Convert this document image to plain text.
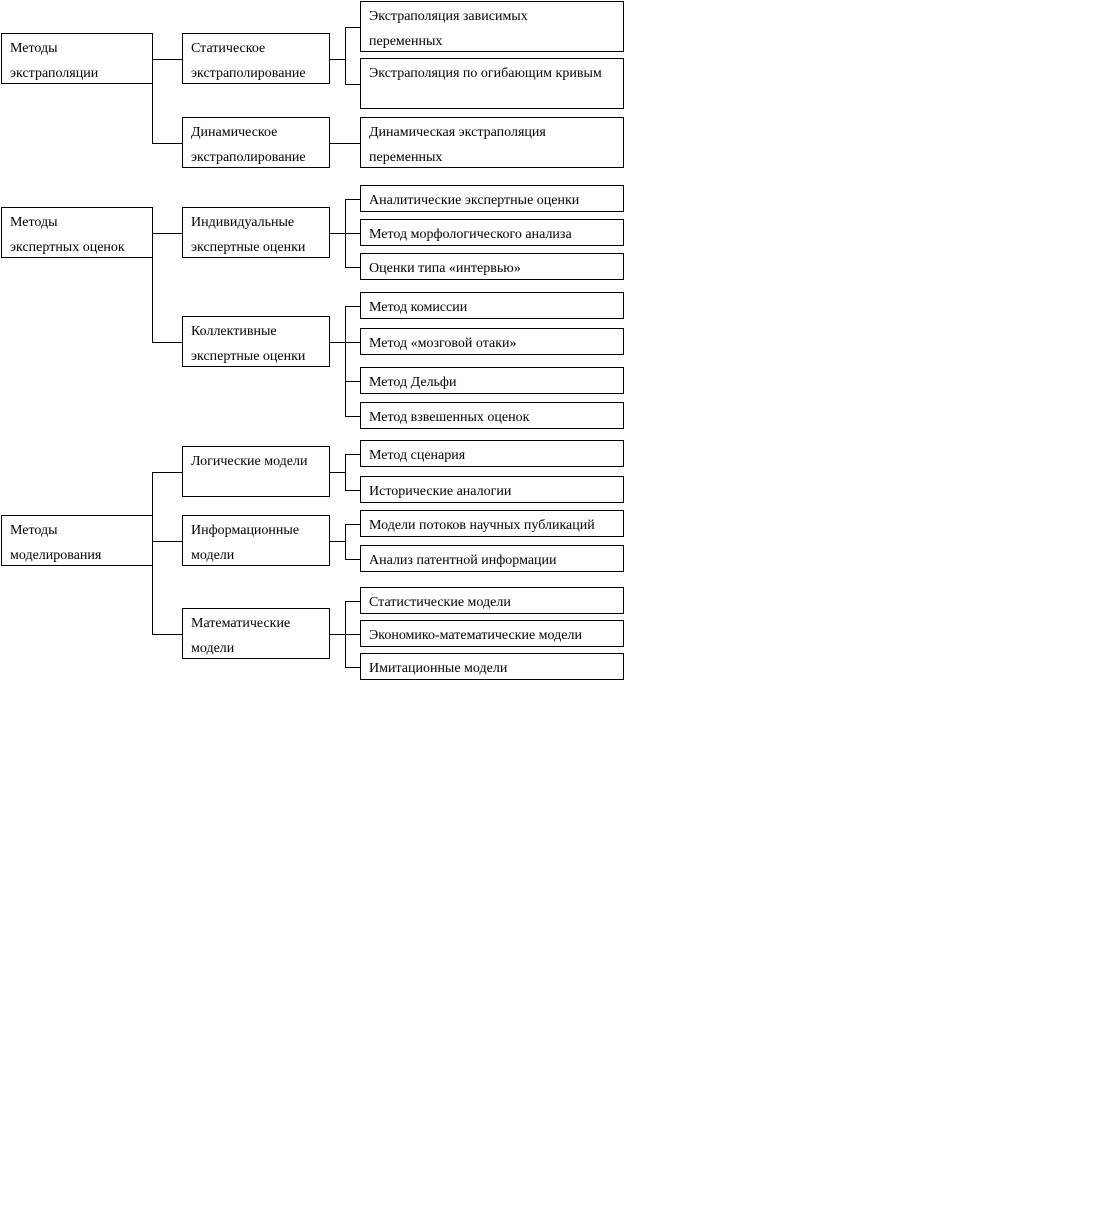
Методы
экстраполяции
Статическое
экстраполирование
Экстраполяция зависимых
переменных
Экстраполяция по огибающим кривым
Динамическое
экстраполирование
Динамическая экстраполяция
переменных
Методы
экспертных оценок
Индивидуальные
экспертные оценки
Аналитические экспертные оценки
Метод морфологического анализа
Оценки типа «интервью»
Коллективные
экспертные оценки
Метод комиссии
Метод «мозговой отаки»
Метод Дельфи
Метод взвешенных оценок
Методы
моделирования
Логические модели	Метод сценария
Исторические аналогии
Информационные
модели
Модели потоков научных публикаций
Анализ патентной информации
Математические
модели
Статистические модели
Экономико-математические модели
Имитационные модели
